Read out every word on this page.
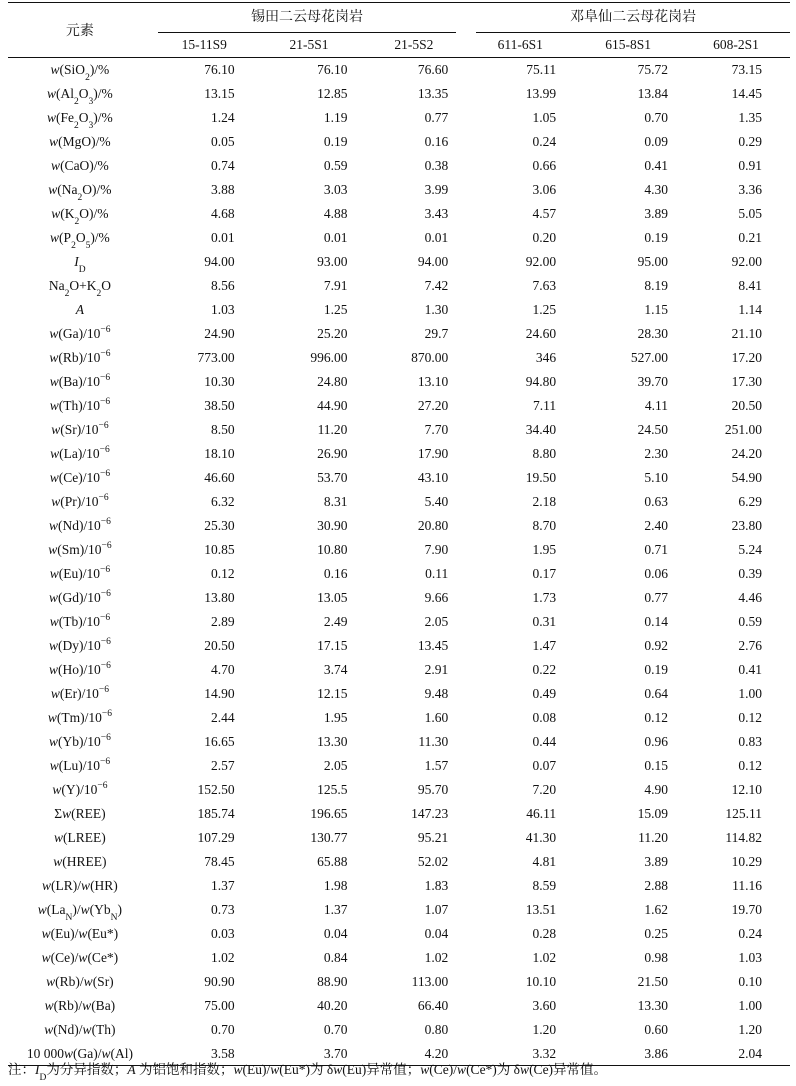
元素	锡田二云母花岗岩			邓阜仙二云母花岗岩		

	15-11S9	21-5S1	21-5S2	611-6S1	615-8S1	608-2S1
w(SiO$_2$)/%	76.10	76.10	76.60	75.11	75.72	73.15
$w(Al_2O_3)/\%$	13.15	12.85	13.35	13.99	13.84	14.45
$w(Fe_2O_3)/\%$	1.24	1.19	0.77	1.05	0.70	1.35
w(MgO)/%	0.05	0.19	0.16	0.24	0.09	0.29
w(CaO)/%	0.74	0.59	0.38	0.66	0.41	0.91
$w(Na_2O)/\%$	3.88	3.03	3.99	3.06	4.30	3.36
$w(K_2O)/\%$	4.68	4.88	3.43	4.57	3.89	5.05
$w(P_2O_5)/\%$	0.01	0.01	0.01	0.20	0.19	0.21
$I_D$	94.00	93.00	94.00	92.00	95.00	92.00
$Na_2O+K_2O$	8.56	7.91	7.42	7.63	8.19	8.41
A	1.03	1.25	1.30	1.25	1.15	1.14
$w(Ga)/10^{-6}$	24.90	25.20	29.7	24.60	28.30	21.10
$w(Rb)/10^{-6}$	773.00	996.00	870.00	346	527.00	17.20
$w(Ba)/10^{-6}$	10.30	24.80	13.10	94.80	39.70	17.30
$w(Th)/10^{-6}$	38.50	44.90	27.20	7.11	4.11	20.50
$w(Sr)/10^{-6}$	8.50	11.20	7.70	34.40	24.50	251.00
$w(La)/10^{-6}$	18.10	26.90	17.90	8.80	2.30	24.20
$w(Ce)/10^{-6}$	46.60	53.70	43.10	19.50	5.10	54.90
$w(Pr)/10^{-6}$	6.32	8.31	5.40	2.18	0.63	6.29
$w(Nd)/10^{-6}$	25.30	30.90	20.80	8.70	2.40	23.80
$w(Sm)/10^{-6}$	10.85	10.80	7.90	1.95	0.71	5.24
$w(Eu)/10^{-6}$	0.12	0.16	0.11	0.17	0.06	0.39
$w(Gd)/10^{-6}$	13.80	13.05	9.66	1.73	0.77	4.46
$w(Tb)/10^{-6}$	2.89	2.49	2.05	0.31	0.14	0.59
$w(Dy)/10^{-6}$	20.50	17.15	13.45	1.47	0.92	2.76
$w(Ho)/10^{-6}$	4.70	3.74	2.91	0.22	0.19	0.41
$w(Er)/10^{-6}$	14.90	12.15	9.48	0.49	0.64	1.00
$w(Tm)/10^{-6}$	2.44	1.95	1.60	0.08	0.12	0.12
$w(Yb)/10^{-6}$	16.65	13.30	11.30	0.44	0.96	0.83
$w(Lu)/10^{-6}$	2.57	2.05	1.57	0.07	0.15	0.12
$w(Y)/10^{-6}$	152.50	125.5	95.70	7.20	4.90	12.10
Σw(REE)	185.74	196.65	147.23	46.11	15.09	125.11
w(LREE)	107.29	130.77	95.21	41.30	11.20	114.82
w(HREE)	78.45	65.88	52.02	4.81	3.89	10.29
w(LR)/w(HR)	1.37	1.98	1.83	8.59	2.88	11.16
$w(La_N)/w(Yb_N)$	0.73	1.37	1.07	13.51	1.62	19.70
w(Eu)/w(Eu*)	0.03	0.04	0.04	0.28	0.25	0.24
w(Ce)/w(Ce*)	1.02	0.84	1.02	1.02	0.98	1.03
w(Rb)/w(Sr)	90.90	88.90	113.00	10.10	21.50	0.10
w(Rb)/w(Ba)	75.00	40.20	66.40	3.60	13.30	1.00
w(Nd)/w(Th)	0.70	0.70	0.80	1.20	0.60	1.20
10 000w(Ga)/w(Al)	3.58	3.70	4.20	3.32	3.86	2.04
注：$I_D$为分异指数；A 为铝饱和指数；w(Eu)/w(Eu*)为 δw(Eu)异常值；w(Ce)/w(Ce*)为 δw(Ce)异常值。
